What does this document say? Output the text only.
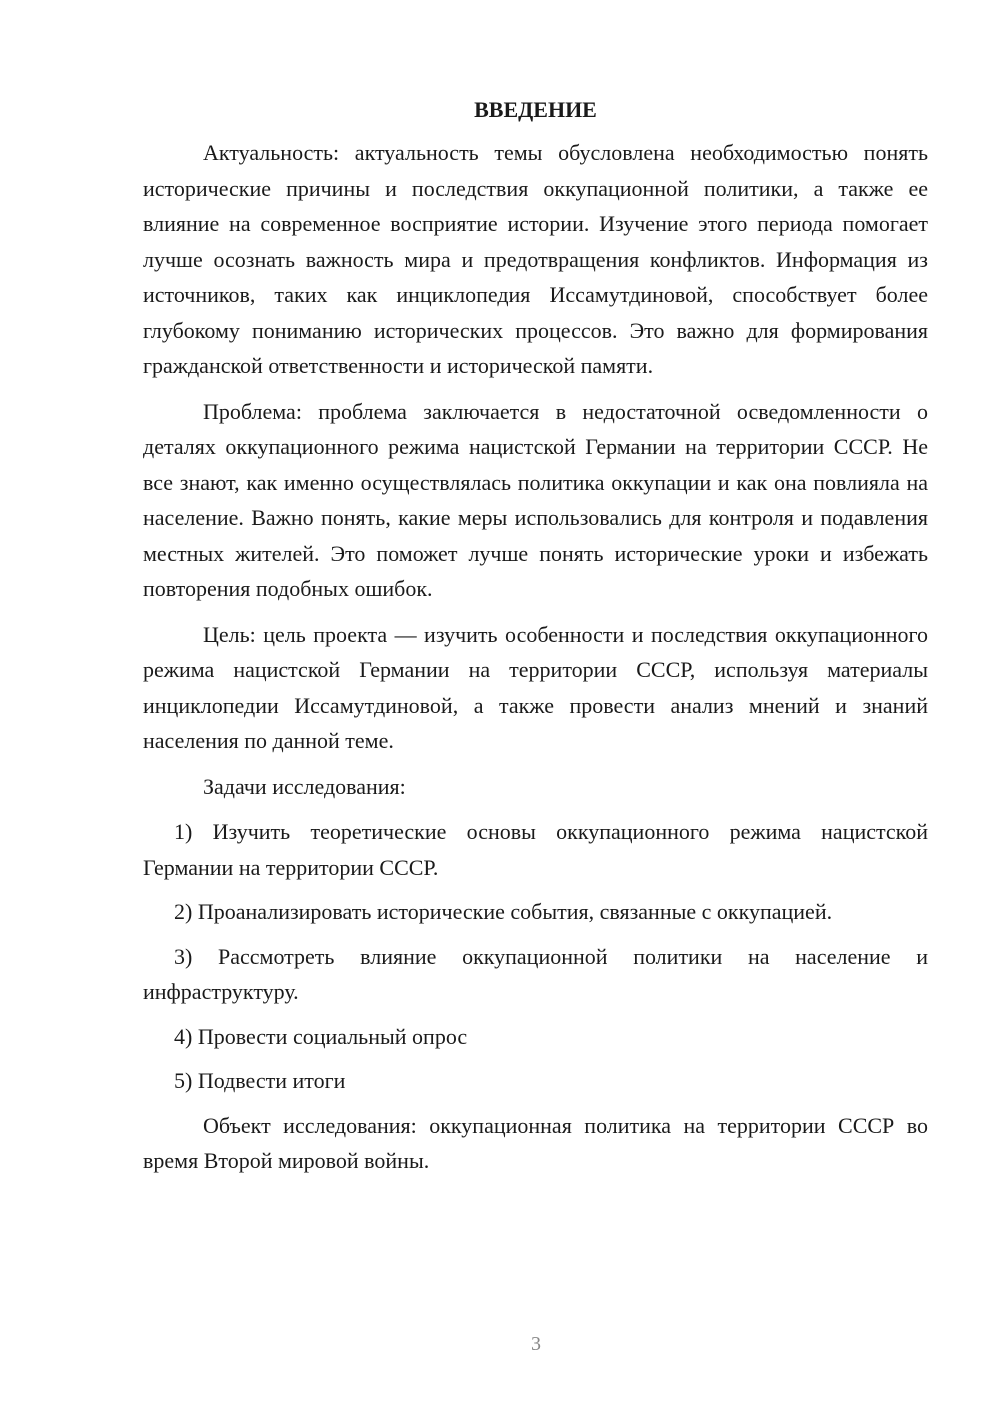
ВВЕДЕНИЕ

Актуальность: актуальность темы обусловлена необходимостью понять исторические причины и последствия оккупационной политики, а также ее влияние на современное восприятие истории. Изучение этого периода помогает лучше осознать важность мира и предотвращения конфликтов. Информация из источников, таких как инциклопедия Иссамутдиновой, способствует более глубокому пониманию исторических процессов. Это важно для формирования гражданской ответственности и исторической памяти.

Проблема: проблема заключается в недостаточной осведомленности о деталях оккупационного режима нацистской Германии на территории СССР. Не все знают, как именно осуществлялась политика оккупации и как она повлияла на население. Важно понять, какие меры использовались для контроля и подавления местных жителей. Это поможет лучше понять исторические уроки и избежать повторения подобных ошибок.

Цель: цель проекта — изучить особенности и последствия оккупационного режима нацистской Германии на территории СССР, используя материалы инциклопедии Иссамутдиновой, а также провести анализ мнений и знаний населения по данной теме.

Задачи исследования:

1) Изучить теоретические основы оккупационного режима нацистской Германии на территории СССР.

2) Проанализировать исторические события, связанные с оккупацией.

3) Рассмотреть влияние оккупационной политики на население и инфраструктуру.

4) Провести социальный опрос

5) Подвести итоги

Объект исследования: оккупационная политика на территории СССР во время Второй мировой войны.

3
